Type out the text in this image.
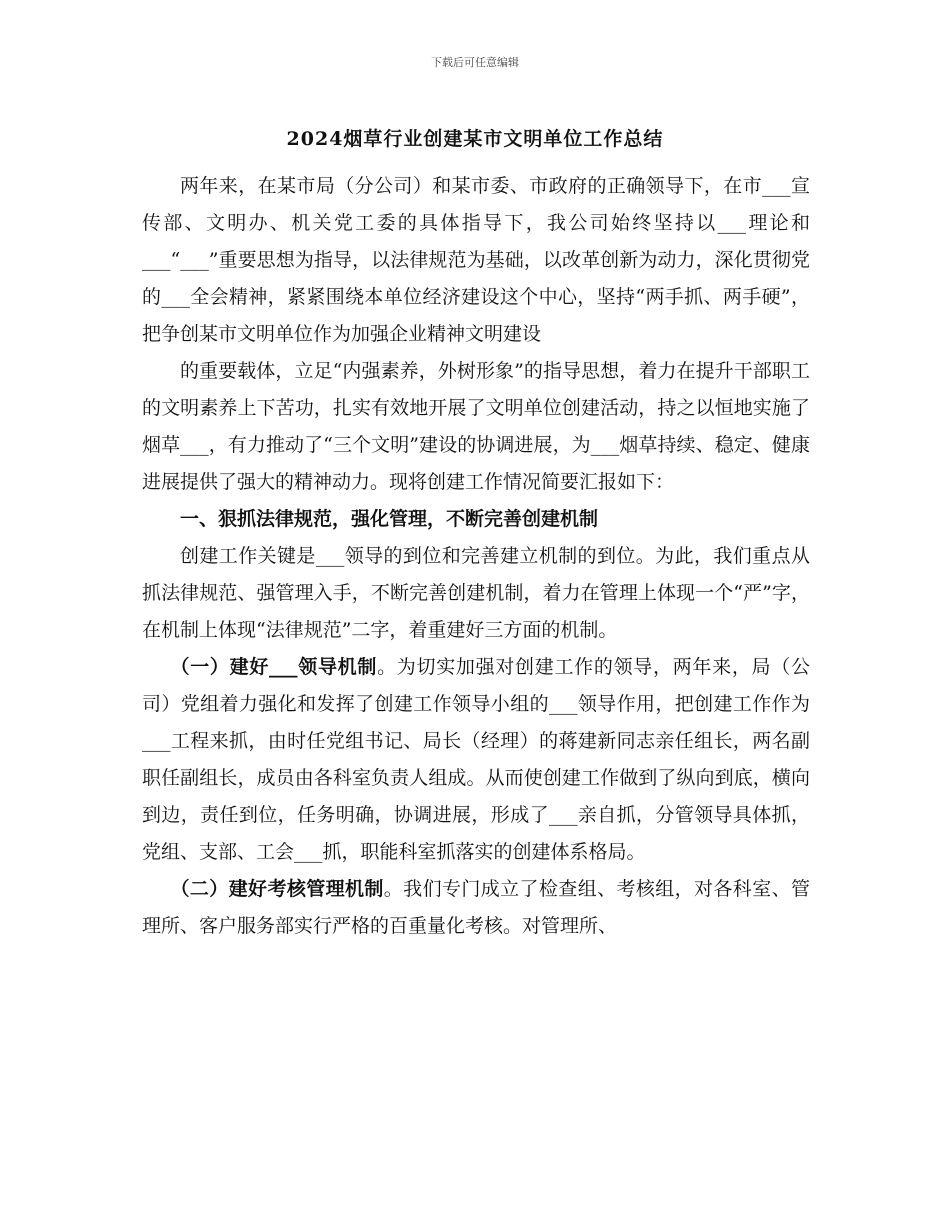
下载后可任意编辑
2024烟草行业创建某市文明单位工作总结

两年来，在某市局（分公司）和某市委、市政府的正确领导下，在市___宣传部、文明办、机关党工委的具体指导下，我公司始终坚持以___理论和___“___”重要思想为指导，以法律规范为基础，以改革创新为动力，深化贯彻党的___全会精神，紧紧围绕本单位经济建设这个中心，坚持“两手抓、两手硬”，把争创某市文明单位作为加强企业精神文明建设

的重要载体，立足“内强素养，外树形象”的指导思想，着力在提升干部职工的文明素养上下苦功，扎实有效地开展了文明单位创建活动，持之以恒地实施了烟草___，有力推动了“三个文明”建设的协调进展，为___烟草持续、稳定、健康进展提供了强大的精神动力。现将创建工作情况简要汇报如下：

一、狠抓法律规范，强化管理，不断完善创建机制

创建工作关键是___领导的到位和完善建立机制的到位。为此，我们重点从抓法律规范、强管理入手，不断完善创建机制，着力在管理上体现一个“严”字，在机制上体现“法律规范”二字，着重建好三方面的机制。

（一）建好___领导机制。为切实加强对创建工作的领导，两年来，局（公司）党组着力强化和发挥了创建工作领导小组的___领导作用，把创建工作作为___工程来抓，由时任党组书记、局长（经理）的蒋建新同志亲任组长，两名副职任副组长，成员由各科室负责人组成。从而使创建工作做到了纵向到底，横向到边，责任到位，任务明确，协调进展，形成了___亲自抓，分管领导具体抓，党组、支部、工会___抓，职能科室抓落实的创建体系格局。

（二）建好考核管理机制。我们专门成立了检查组、考核组，对各科室、管理所、客户服务部实行严格的百重量化考核。对管理所、
